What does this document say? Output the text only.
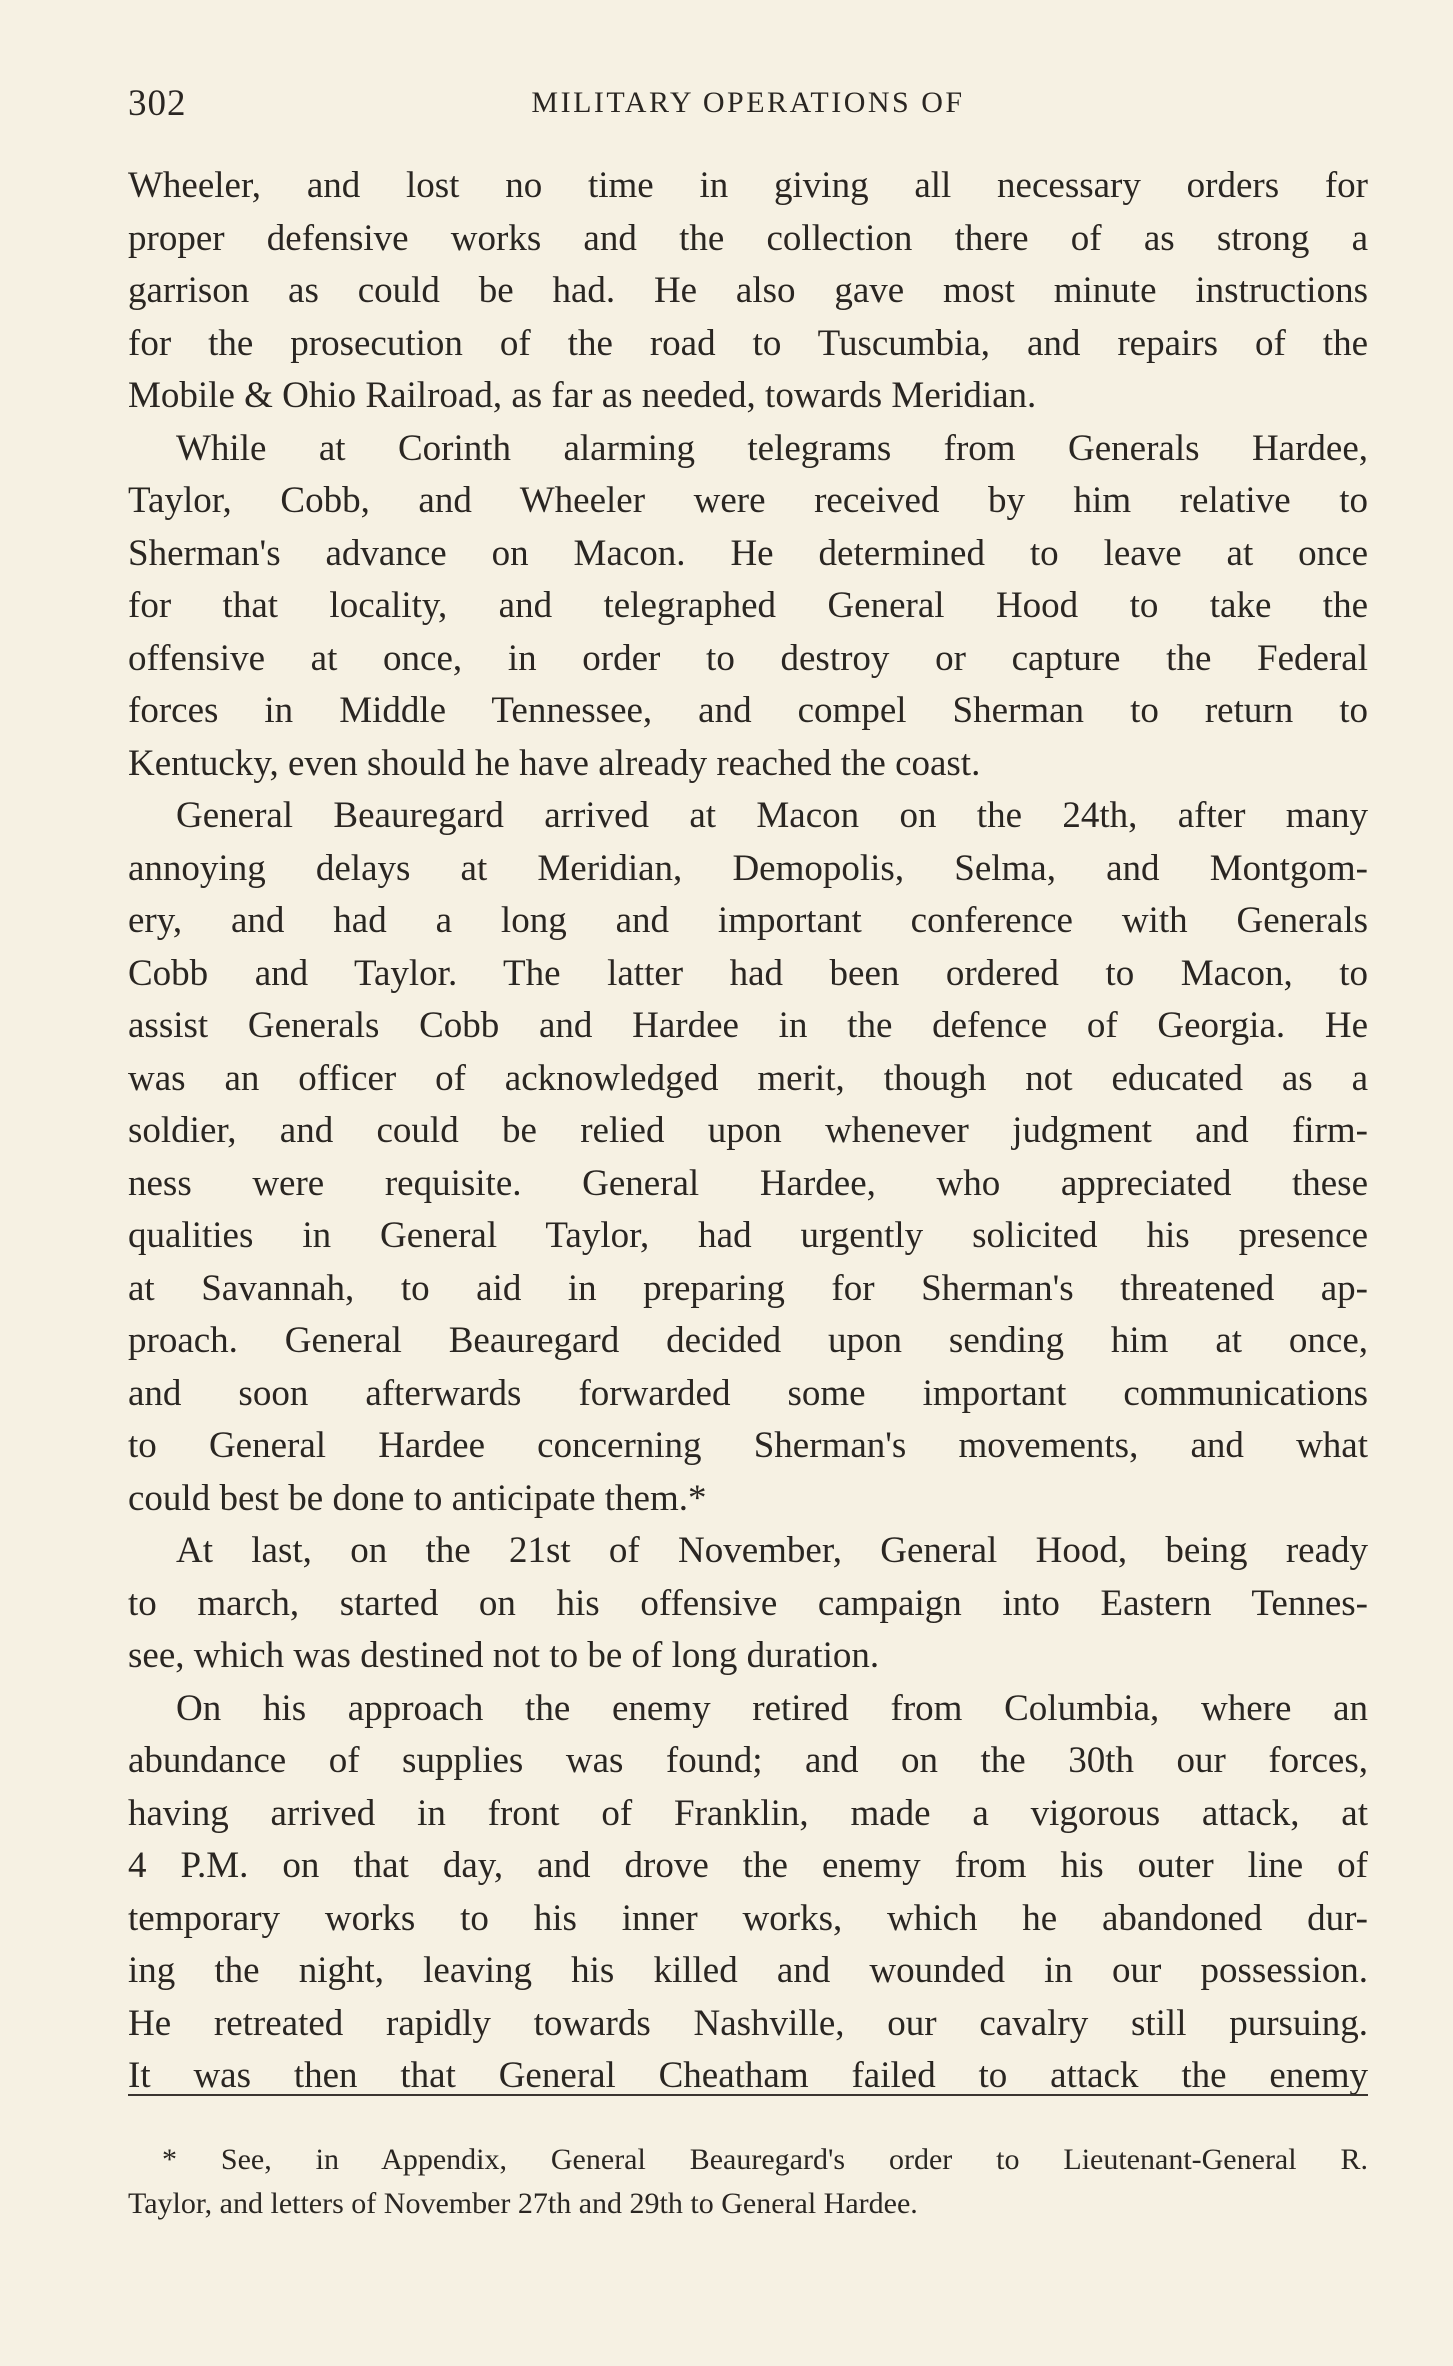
302	MILITARY OPERATIONS OF
Wheeler, and lost no time in giving all necessary orders for
proper defensive works and the collection there of as strong a
garrison as could be had. He also gave most minute instructions
for the prosecution of the road to Tuscumbia, and repairs of the
Mobile & Ohio Railroad, as far as needed, towards Meridian.
While at Corinth alarming telegrams from Generals Hardee,
Taylor, Cobb, and Wheeler were received by him relative to
Sherman's advance on Macon. He determined to leave at once
for that locality, and telegraphed General Hood to take the
offensive at once, in order to destroy or capture the Federal
forces in Middle Tennessee, and compel Sherman to return to
Kentucky, even should he have already reached the coast.
General Beauregard arrived at Macon on the 24th, after many
annoying delays at Meridian, Demopolis, Selma, and Montgom-
ery, and had a long and important conference with Generals
Cobb and Taylor. The latter had been ordered to Macon, to
assist Generals Cobb and Hardee in the defence of Georgia. He
was an officer of acknowledged merit, though not educated as a
soldier, and could be relied upon whenever judgment and firm-
ness were requisite. General Hardee, who appreciated these
qualities in General Taylor, had urgently solicited his presence
at Savannah, to aid in preparing for Sherman's threatened ap-
proach. General Beauregard decided upon sending him at once,
and soon afterwards forwarded some important communications
to General Hardee concerning Sherman's movements, and what
could best be done to anticipate them.*
At last, on the 21st of November, General Hood, being ready
to march, started on his offensive campaign into Eastern Tennes-
see, which was destined not to be of long duration.
On his approach the enemy retired from Columbia, where an
abundance of supplies was found; and on the 30th our forces,
having arrived in front of Franklin, made a vigorous attack, at
4 P.M. on that day, and drove the enemy from his outer line of
temporary works to his inner works, which he abandoned dur-
ing the night, leaving his killed and wounded in our possession.
He retreated rapidly towards Nashville, our cavalry still pursuing.
It was then that General Cheatham failed to attack the enemy
* See, in Appendix, General Beauregard's order to Lieutenant-General R.
Taylor, and letters of November 27th and 29th to General Hardee.
